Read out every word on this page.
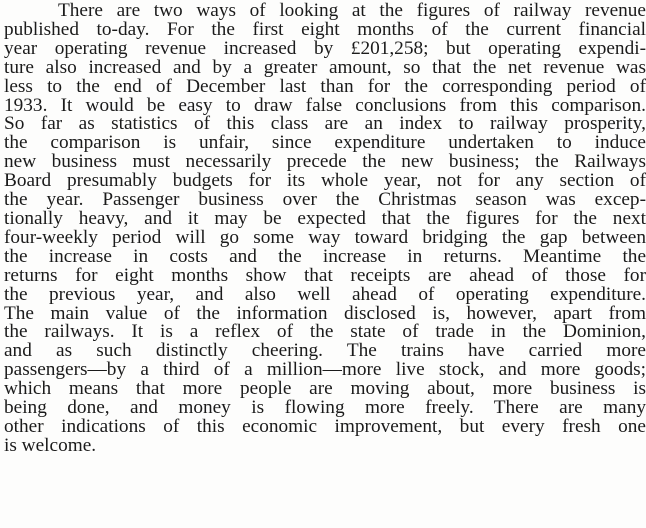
There are two ways of looking at the figures of railway revenue
published to-day. For the first eight months of the current financial
year operating revenue increased by £201,258; but operating expendi-
ture also increased and by a greater amount, so that the net revenue was
less to the end of December last than for the corresponding period of
1933. It would be easy to draw false conclusions from this comparison.
So far as statistics of this class are an index to railway prosperity,
the comparison is unfair, since expenditure undertaken to induce
new business must necessarily precede the new business; the Railways
Board presumably budgets for its whole year, not for any section of
the year. Passenger business over the Christmas season was excep-
tionally heavy, and it may be expected that the figures for the next
four-weekly period will go some way toward bridging the gap between
the increase in costs and the increase in returns. Meantime the
returns for eight months show that receipts are ahead of those for
the previous year, and also well ahead of operating expenditure.
The main value of the information disclosed is, however, apart from
the railways. It is a reflex of the state of trade in the Dominion,
and as such distinctly cheering. The trains have carried more
passengers—by a third of a million—more live stock, and more goods;
which means that more people are moving about, more business is
being done, and money is flowing more freely. There are many
other indications of this economic improvement, but every fresh one
is welcome.
